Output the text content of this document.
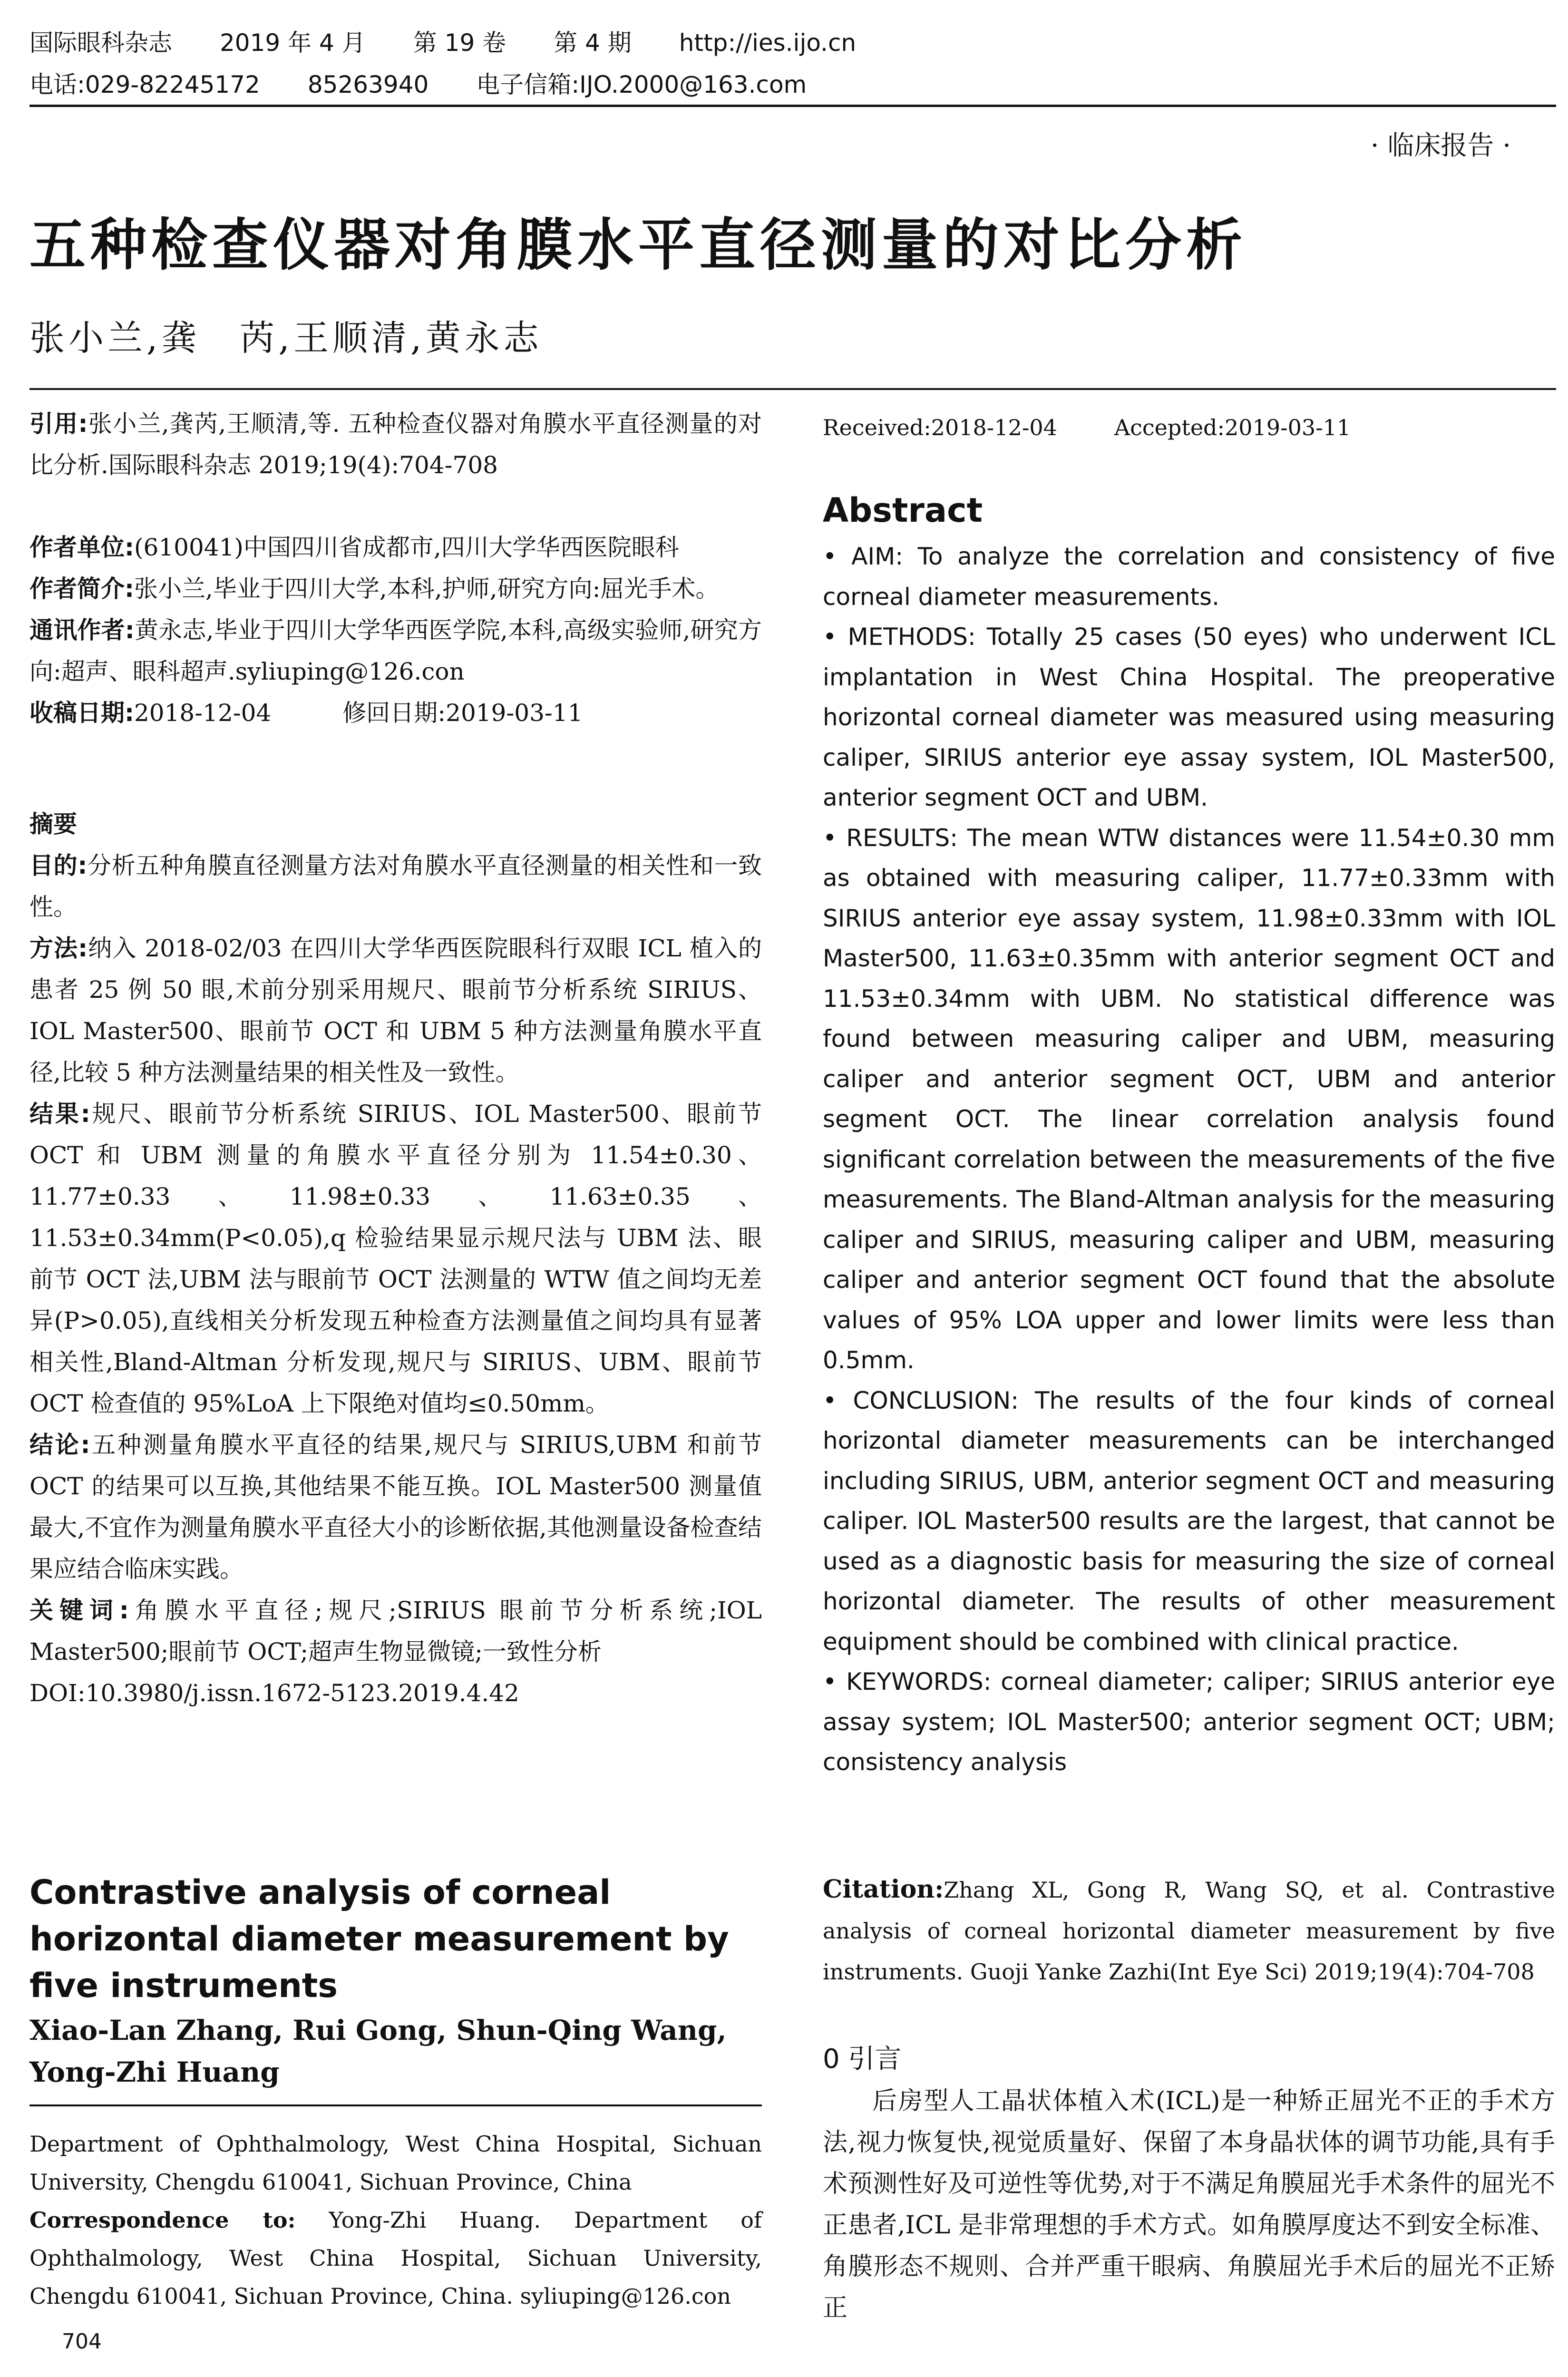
国际眼科杂志 2019 年 4 月 第 19 卷 第 4 期 http://ies.ijo.cn
电话:029-82245172 85263940 电子信箱:IJO.2000@163.com
· 临床报告 ·
五种检查仪器对角膜水平直径测量的对比分析
张小兰,龚　芮,王顺清,黄永志

引用:张小兰,龚芮,王顺清,等. 五种检查仪器对角膜水平直径测量的对比分析.国际眼科杂志 2019;19(4):704-708

作者单位:(610041)中国四川省成都市,四川大学华西医院眼科

作者简介:张小兰,毕业于四川大学,本科,护师,研究方向:屈光手术。

通讯作者:黄永志,毕业于四川大学华西医学院,本科,高级实验师,研究方向:超声、眼科超声.syliuping@126.con

收稿日期:2018-12-04　　　修回日期:2019-03-11

摘要

目的:分析五种角膜直径测量方法对角膜水平直径测量的相关性和一致性。

方法:纳入 2018-02/03 在四川大学华西医院眼科行双眼 ICL 植入的患者 25 例 50 眼,术前分别采用规尺、眼前节分析系统 SIRIUS、IOL Master500、眼前节 OCT 和 UBM 5 种方法测量角膜水平直径,比较 5 种方法测量结果的相关性及一致性。

结果:规尺、眼前节分析系统 SIRIUS、IOL Master500、眼前节 OCT 和 UBM 测量的角膜水平直径分别为 11.54±0.30、11.77±0.33、11.98±0.33、11.63±0.35、11.53±0.34mm(P<0.05),q 检验结果显示规尺法与 UBM 法、眼前节 OCT 法,UBM 法与眼前节 OCT 法测量的 WTW 值之间均无差异(P>0.05),直线相关分析发现五种检查方法测量值之间均具有显著相关性,Bland-Altman 分析发现,规尺与 SIRIUS、UBM、眼前节 OCT 检查值的 95%LoA 上下限绝对值均≤0.50mm。

结论:五种测量角膜水平直径的结果,规尺与 SIRIUS,UBM 和前节 OCT 的结果可以互换,其他结果不能互换。IOL Master500 测量值最大,不宜作为测量角膜水平直径大小的诊断依据,其他测量设备检查结果应结合临床实践。

关键词:角膜水平直径;规尺;SIRIUS 眼前节分析系统;IOL Master500;眼前节 OCT;超声生物显微镜;一致性分析

DOI:10.3980/j.issn.1672-5123.2019.4.42

Contrastive analysis of corneal horizontal diameter measurement by five instruments
Xiao-Lan Zhang, Rui Gong, Shun-Qing Wang, Yong-Zhi Huang

Department of Ophthalmology, West China Hospital, Sichuan University, Chengdu 610041, Sichuan Province, China

Correspondence to: Yong-Zhi Huang. Department of Ophthalmology, West China Hospital, Sichuan University, Chengdu 610041, Sichuan Province, China. syliuping@126.con

704
Received:2018-12-04	Accepted:2019-03-11
Abstract

• AIM: To analyze the correlation and consistency of five corneal diameter measurements.

• METHODS: Totally 25 cases (50 eyes) who underwent ICL implantation in West China Hospital. The preoperative horizontal corneal diameter was measured using measuring caliper, SIRIUS anterior eye assay system, IOL Master500, anterior segment OCT and UBM.

• RESULTS: The mean WTW distances were 11.54±0.30 mm as obtained with measuring caliper, 11.77±0.33mm with SIRIUS anterior eye assay system, 11.98±0.33mm with IOL Master500, 11.63±0.35mm with anterior segment OCT and 11.53±0.34mm with UBM. No statistical difference was found between measuring caliper and UBM, measuring caliper and anterior segment OCT, UBM and anterior segment OCT. The linear correlation analysis found significant correlation between the measurements of the five measurements. The Bland-Altman analysis for the measuring caliper and SIRIUS, measuring caliper and UBM, measuring caliper and anterior segment OCT found that the absolute values of 95% LOA upper and lower limits were less than 0.5mm.

• CONCLUSION: The results of the four kinds of corneal horizontal diameter measurements can be interchanged including SIRIUS, UBM, anterior segment OCT and measuring caliper. IOL Master500 results are the largest, that cannot be used as a diagnostic basis for measuring the size of corneal horizontal diameter. The results of other measurement equipment should be combined with clinical practice.

• KEYWORDS: corneal diameter; caliper; SIRIUS anterior eye assay system; IOL Master500; anterior segment OCT; UBM; consistency analysis

Citation:Zhang XL, Gong R, Wang SQ, et al. Contrastive analysis of corneal horizontal diameter measurement by five instruments. Guoji Yanke Zazhi(Int Eye Sci) 2019;19(4):704-708
0 引言

后房型人工晶状体植入术(ICL)是一种矫正屈光不正的手术方法,视力恢复快,视觉质量好、保留了本身晶状体的调节功能,具有手术预测性好及可逆性等优势,对于不满足角膜屈光手术条件的屈光不正患者,ICL 是非常理想的手术方式。如角膜厚度达不到安全标准、角膜形态不规则、合并严重干眼病、角膜屈光手术后的屈光不正矫正
